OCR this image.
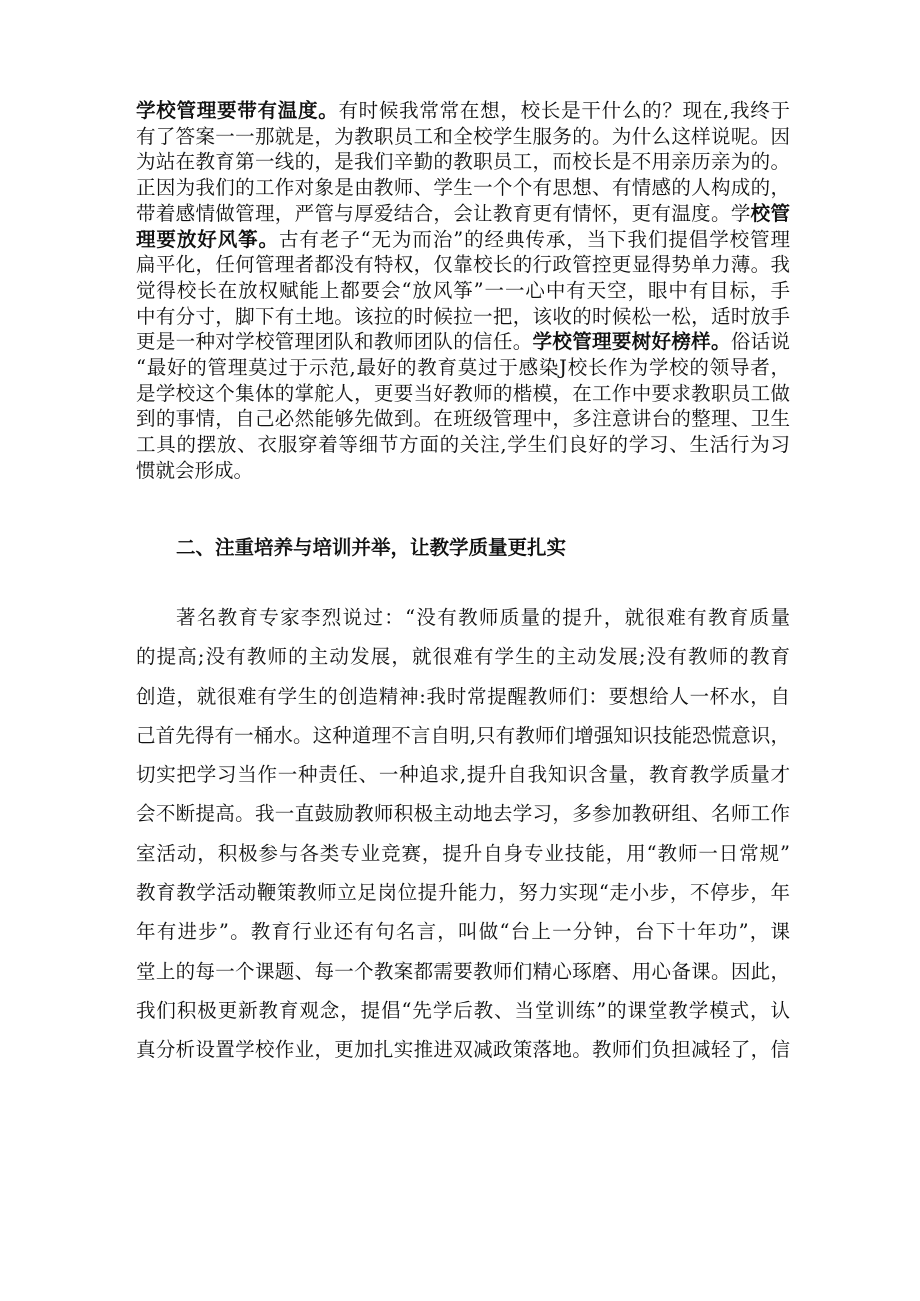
学校管理要带有温度。有时候我常常在想，校长是干什么的？现在,我终于
有了答案一一那就是，为教职员工和全校学生服务的。为什么这样说呢。因
为站在教育第一线的，是我们辛勤的教职员工，而校长是不用亲历亲为的。
正因为我们的工作对象是由教师、学生一个个有思想、有情感的人构成的，
带着感情做管理，严管与厚爱结合，会让教育更有情怀，更有温度。学校管
理要放好风筝。古有老子“无为而治”的经典传承，当下我们提倡学校管理
扁平化，任何管理者都没有特权，仅靠校长的行政管控更显得势单力薄。我
觉得校长在放权赋能上都要会“放风筝”一一心中有天空，眼中有目标，手
中有分寸，脚下有土地。该拉的时候拉一把，该收的时候松一松，适时放手
更是一种对学校管理团队和教师团队的信任。学校管理要树好榜样。俗话说
“最好的管理莫过于示范,最好的教育莫过于感染J校长作为学校的领导者，
是学校这个集体的掌舵人，更要当好教师的楷模，在工作中要求教职员工做
到的事情，自己必然能够先做到。在班级管理中，多注意讲台的整理、卫生
工具的摆放、衣服穿着等细节方面的关注,学生们良好的学习、生活行为习
惯就会形成。
二、注重培养与培训并举，让教学质量更扎实
著名教育专家李烈说过：“没有教师质量的提升，就很难有教育质量
的提高;没有教师的主动发展，就很难有学生的主动发展;没有教师的教育
创造，就很难有学生的创造精神:我时常提醒教师们：要想给人一杯水，自
己首先得有一桶水。这种道理不言自明,只有教师们增强知识技能恐慌意识，
切实把学习当作一种责任、一种追求,提升自我知识含量，教育教学质量才
会不断提高。我一直鼓励教师积极主动地去学习，多参加教研组、名师工作
室活动，积极参与各类专业竞赛，提升自身专业技能，用“教师一日常规”
教育教学活动鞭策教师立足岗位提升能力，努力实现“走小步，不停步，年
年有进步”。教育行业还有句名言，叫做“台上一分钟，台下十年功”，课
堂上的每一个课题、每一个教案都需要教师们精心琢磨、用心备课。因此，
我们积极更新教育观念，提倡“先学后教、当堂训练”的课堂教学模式，认
真分析设置学校作业，更加扎实推进双减政策落地。教师们负担减轻了，信
